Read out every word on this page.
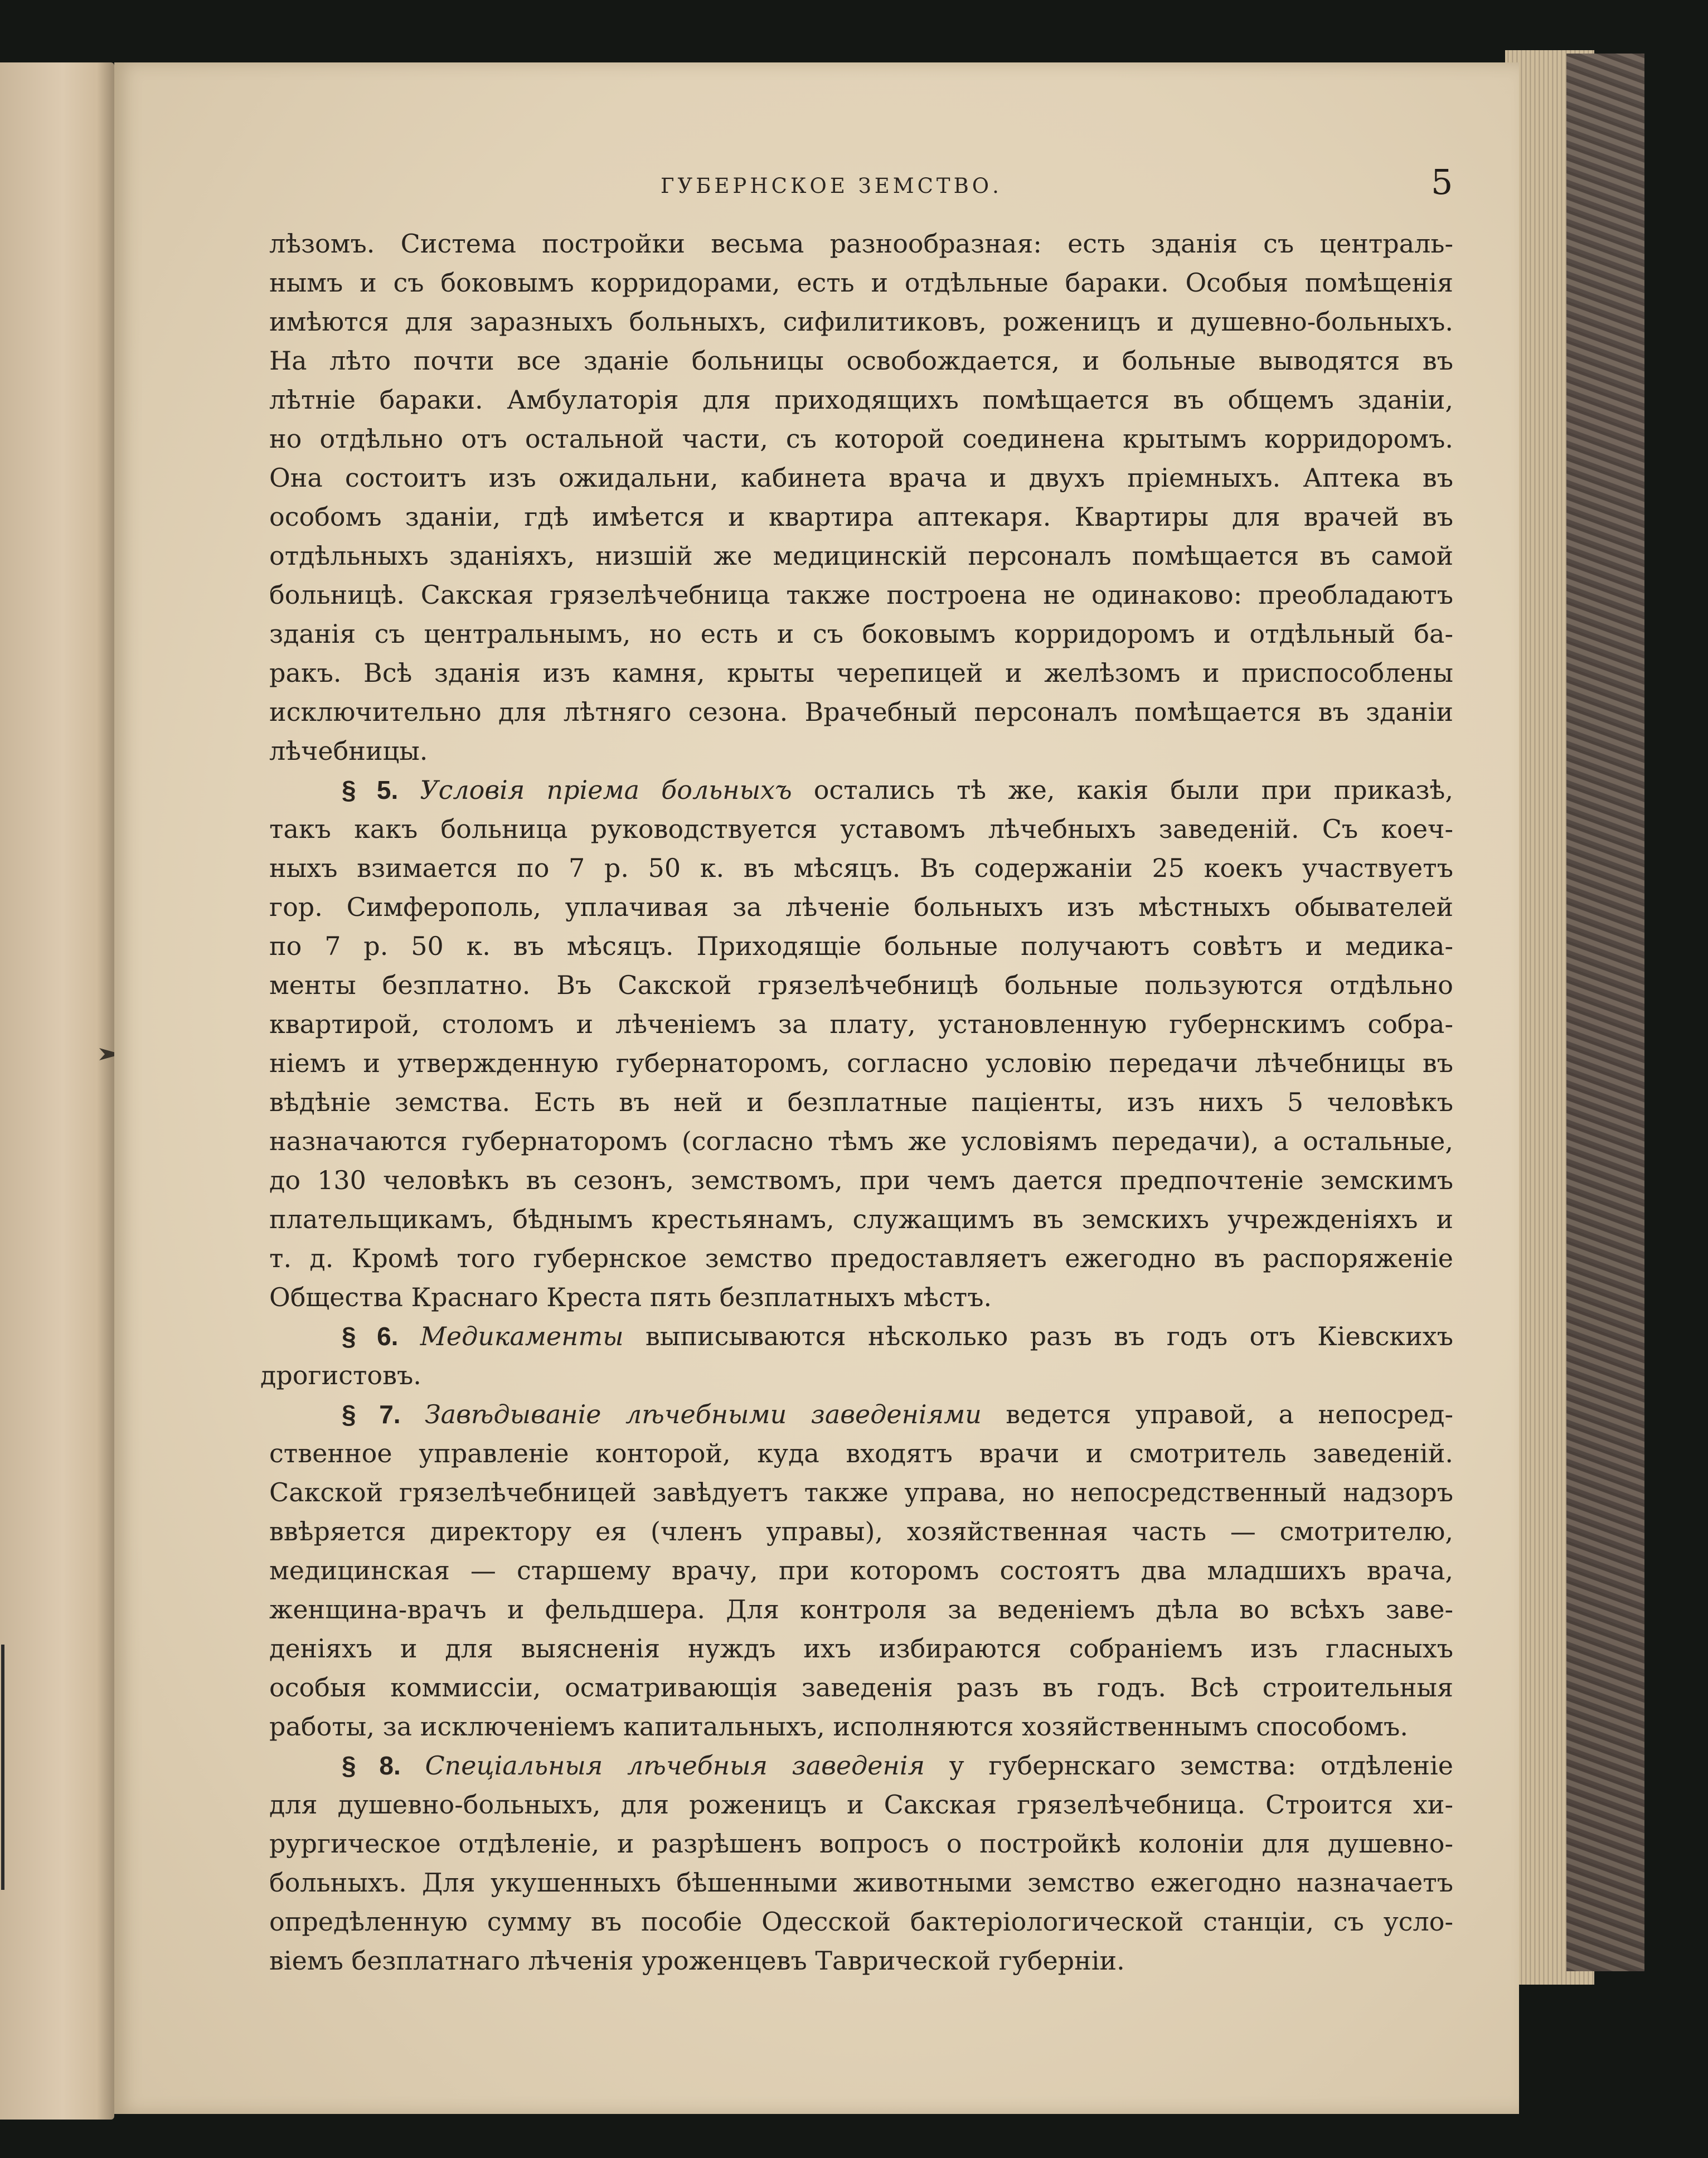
ГУБЕРНСКОЕ ЗЕМСТВО.	5
лѣзомъ. Система постройки весьма разнообразная: есть зданія съ централь-
нымъ и съ боковымъ корридорами, есть и отдѣльные бараки. Особыя помѣщенія
имѣются для заразныхъ больныхъ, сифилитиковъ, роженицъ и душевно-больныхъ.
На лѣто почти все зданіе больницы освобождается, и больные выводятся въ
лѣтніе бараки. Амбулаторія для приходящихъ помѣщается въ общемъ зданіи,
но отдѣльно отъ остальной части, съ которой соединена крытымъ корридоромъ.
Она состоитъ изъ ожидальни, кабинета врача и двухъ пріемныхъ. Аптека въ
особомъ зданіи, гдѣ имѣется и квартира аптекаря. Квартиры для врачей въ
отдѣльныхъ зданіяхъ, низшій же медицинскій персоналъ помѣщается въ самой
больницѣ. Сакская грязелѣчебница также построена не одинаково: преобладаютъ
зданія съ центральнымъ, но есть и съ боковымъ корридоромъ и отдѣльный ба-
ракъ. Всѣ зданія изъ камня, крыты черепицей и желѣзомъ и приспособлены
исключительно для лѣтняго сезона. Врачебный персоналъ помѣщается въ зданіи
лѣчебницы.
§ 5. Условія пріема больныхъ остались тѣ же, какія были при приказѣ,
такъ какъ больница руководствуется уставомъ лѣчебныхъ заведеній. Съ коеч-
ныхъ взимается по 7 р. 50 к. въ мѣсяцъ. Въ содержаніи 25 коекъ участвуетъ
гор. Симферополь, уплачивая за лѣченіе больныхъ изъ мѣстныхъ обывателей
по 7 р. 50 к. въ мѣсяцъ. Приходящіе больные получаютъ совѣтъ и медика-
менты безплатно. Въ Сакской грязелѣчебницѣ больные пользуются отдѣльно
квартирой, столомъ и лѣченіемъ за плату, установленную губернскимъ собра-
ніемъ и утвержденную губернаторомъ, согласно условію передачи лѣчебницы въ
вѣдѣніе земства. Есть въ ней и безплатные паціенты, изъ нихъ 5 человѣкъ
назначаются губернаторомъ (согласно тѣмъ же условіямъ передачи), а остальные,
до 130 человѣкъ въ сезонъ, земствомъ, при чемъ дается предпочтеніе земскимъ
плательщикамъ, бѣднымъ крестьянамъ, служащимъ въ земскихъ учрежденіяхъ и
т. д. Кромѣ того губернское земство предоставляетъ ежегодно въ распоряженіе
Общества Краснаго Креста пять безплатныхъ мѣстъ.
§ 6. Медикаменты выписываются нѣсколько разъ въ годъ отъ Кіевскихъ
дрогистовъ.
§ 7. Завѣдываніе лѣчебными заведеніями ведется управой, а непосред-
ственное управленіе конторой, куда входятъ врачи и смотритель заведеній.
Сакской грязелѣчебницей завѣдуетъ также управа, но непосредственный надзоръ
ввѣряется директору ея (членъ управы), хозяйственная часть — смотрителю,
медицинская — старшему врачу, при которомъ состоятъ два младшихъ врача,
женщина-врачъ и фельдшера. Для контроля за веденіемъ дѣла во всѣхъ заве-
деніяхъ и для выясненія нуждъ ихъ избираются собраніемъ изъ гласныхъ
особыя коммиссіи, осматривающія заведенія разъ въ годъ. Всѣ строительныя
работы, за исключеніемъ капитальныхъ, исполняются хозяйственнымъ способомъ.
§ 8. Спеціальныя лѣчебныя заведенія у губернскаго земства: отдѣленіе
для душевно-больныхъ, для роженицъ и Сакская грязелѣчебница. Строится хи-
рургическое отдѣленіе, и разрѣшенъ вопросъ о постройкѣ колоніи для душевно-
больныхъ. Для укушенныхъ бѣшенными животными земство ежегодно назначаетъ
опредѣленную сумму въ пособіе Одесской бактеріологической станціи, съ усло-
віемъ безплатнаго лѣченія уроженцевъ Таврической губерніи.
